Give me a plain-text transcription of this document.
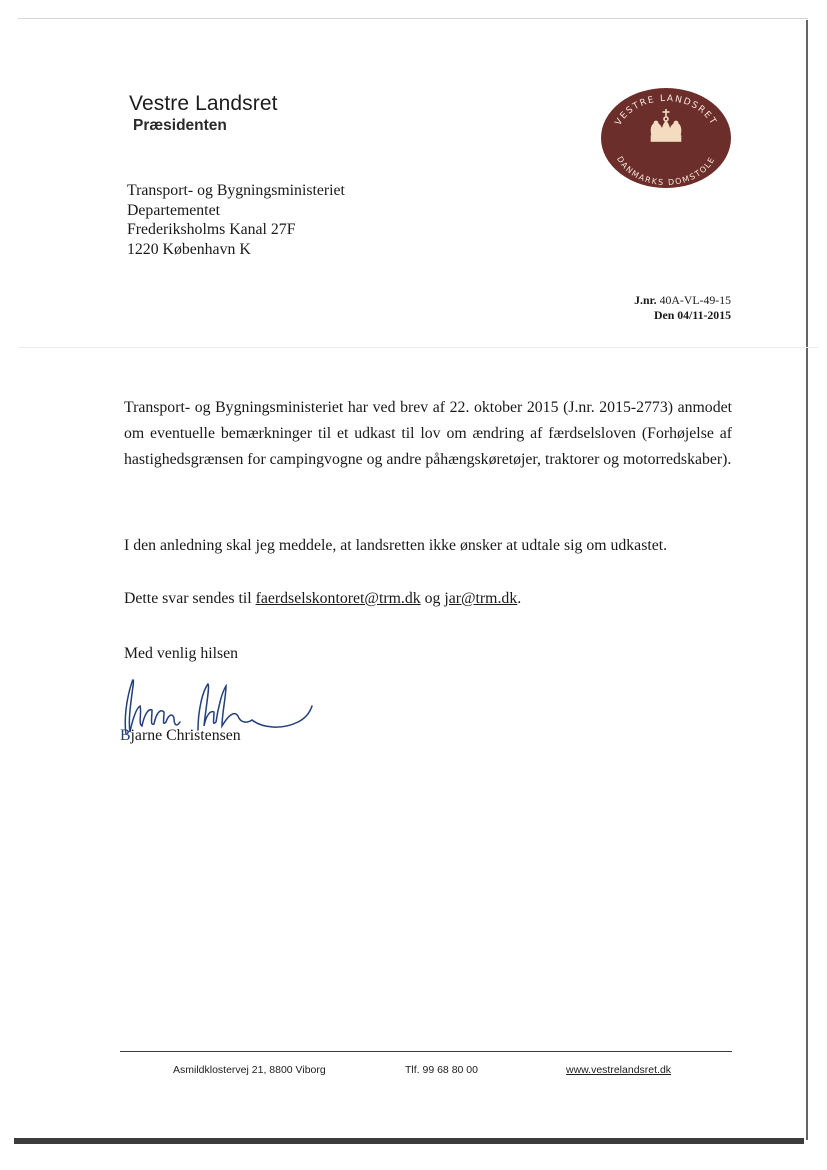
Vestre Landsret
Præsidenten	VESTRE LANDSRET
DANMARKS DOMSTOLE
Transport- og Bygningsministeriet
Departementet
Frederiksholms Kanal 27F
1220 København K
J.nr. 40A-VL-49-15
Den 04/11-2015

Transport- og Bygningsministeriet har ved brev af 22. oktober 2015 (J.nr. 2015-2773) anmodet om eventuelle bemærkninger til et udkast til lov om ændring af færdselsloven (Forhøjelse af hastighedsgrænsen for campingvogne og andre påhængskøretøjer, traktorer og motorredskaber).

I den anledning skal jeg meddele, at landsretten ikke ønsker at udtale sig om udkastet.

Dette svar sendes til faerdselskontoret@trm.dk og jar@trm.dk.

Med venlig hilsen

Bjarne Christensen
Asmildklostervej 21, 8800 Viborg	Tlf. 99 68 80 00	www.vestrelandsret.dk
